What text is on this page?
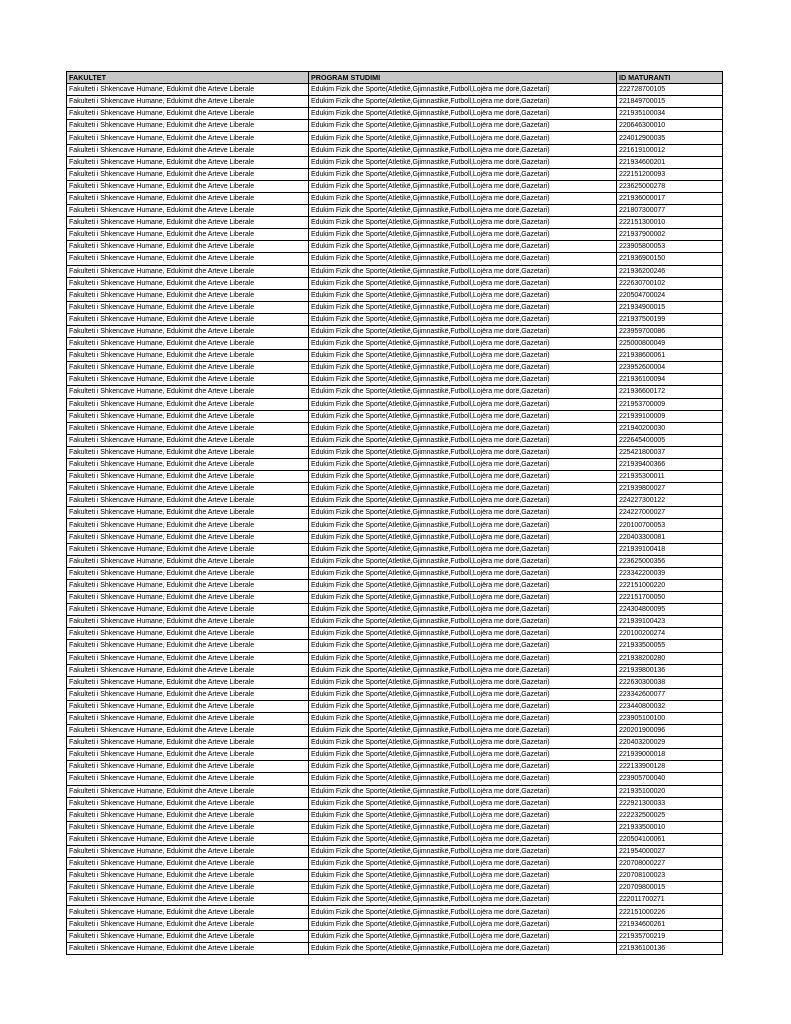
FAKULTET	PROGRAM STUDIMI	ID MATURANTI
Fakulteti i Shkencave Humane, Edukimit dhe Arteve Liberale	Edukim Fizik dhe Sporte(Atletikë,Gjimnastikë,Futboll,Lojëra me dorë,Gazetari)	222728700105
Fakulteti i Shkencave Humane, Edukimit dhe Arteve Liberale	Edukim Fizik dhe Sporte(Atletikë,Gjimnastikë,Futboll,Lojëra me dorë,Gazetari)	221849700015
Fakulteti i Shkencave Humane, Edukimit dhe Arteve Liberale	Edukim Fizik dhe Sporte(Atletikë,Gjimnastikë,Futboll,Lojëra me dorë,Gazetari)	221935100034
Fakulteti i Shkencave Humane, Edukimit dhe Arteve Liberale	Edukim Fizik dhe Sporte(Atletikë,Gjimnastikë,Futboll,Lojëra me dorë,Gazetari)	220646300010
Fakulteti i Shkencave Humane, Edukimit dhe Arteve Liberale	Edukim Fizik dhe Sporte(Atletikë,Gjimnastikë,Futboll,Lojëra me dorë,Gazetari)	224012900035
Fakulteti i Shkencave Humane, Edukimit dhe Arteve Liberale	Edukim Fizik dhe Sporte(Atletikë,Gjimnastikë,Futboll,Lojëra me dorë,Gazetari)	221619100012
Fakulteti i Shkencave Humane, Edukimit dhe Arteve Liberale	Edukim Fizik dhe Sporte(Atletikë,Gjimnastikë,Futboll,Lojëra me dorë,Gazetari)	221934600201
Fakulteti i Shkencave Humane, Edukimit dhe Arteve Liberale	Edukim Fizik dhe Sporte(Atletikë,Gjimnastikë,Futboll,Lojëra me dorë,Gazetari)	222151200093
Fakulteti i Shkencave Humane, Edukimit dhe Arteve Liberale	Edukim Fizik dhe Sporte(Atletikë,Gjimnastikë,Futboll,Lojëra me dorë,Gazetari)	223625000278
Fakulteti i Shkencave Humane, Edukimit dhe Arteve Liberale	Edukim Fizik dhe Sporte(Atletikë,Gjimnastikë,Futboll,Lojëra me dorë,Gazetari)	221936000017
Fakulteti i Shkencave Humane, Edukimit dhe Arteve Liberale	Edukim Fizik dhe Sporte(Atletikë,Gjimnastikë,Futboll,Lojëra me dorë,Gazetari)	221807300077
Fakulteti i Shkencave Humane, Edukimit dhe Arteve Liberale	Edukim Fizik dhe Sporte(Atletikë,Gjimnastikë,Futboll,Lojëra me dorë,Gazetari)	222151300010
Fakulteti i Shkencave Humane, Edukimit dhe Arteve Liberale	Edukim Fizik dhe Sporte(Atletikë,Gjimnastikë,Futboll,Lojëra me dorë,Gazetari)	221937900002
Fakulteti i Shkencave Humane, Edukimit dhe Arteve Liberale	Edukim Fizik dhe Sporte(Atletikë,Gjimnastikë,Futboll,Lojëra me dorë,Gazetari)	223905800053
Fakulteti i Shkencave Humane, Edukimit dhe Arteve Liberale	Edukim Fizik dhe Sporte(Atletikë,Gjimnastikë,Futboll,Lojëra me dorë,Gazetari)	221936900150
Fakulteti i Shkencave Humane, Edukimit dhe Arteve Liberale	Edukim Fizik dhe Sporte(Atletikë,Gjimnastikë,Futboll,Lojëra me dorë,Gazetari)	221936200246
Fakulteti i Shkencave Humane, Edukimit dhe Arteve Liberale	Edukim Fizik dhe Sporte(Atletikë,Gjimnastikë,Futboll,Lojëra me dorë,Gazetari)	222630700102
Fakulteti i Shkencave Humane, Edukimit dhe Arteve Liberale	Edukim Fizik dhe Sporte(Atletikë,Gjimnastikë,Futboll,Lojëra me dorë,Gazetari)	220504700024
Fakulteti i Shkencave Humane, Edukimit dhe Arteve Liberale	Edukim Fizik dhe Sporte(Atletikë,Gjimnastikë,Futboll,Lojëra me dorë,Gazetari)	221934900015
Fakulteti i Shkencave Humane, Edukimit dhe Arteve Liberale	Edukim Fizik dhe Sporte(Atletikë,Gjimnastikë,Futboll,Lojëra me dorë,Gazetari)	221937500199
Fakulteti i Shkencave Humane, Edukimit dhe Arteve Liberale	Edukim Fizik dhe Sporte(Atletikë,Gjimnastikë,Futboll,Lojëra me dorë,Gazetari)	223959700086
Fakulteti i Shkencave Humane, Edukimit dhe Arteve Liberale	Edukim Fizik dhe Sporte(Atletikë,Gjimnastikë,Futboll,Lojëra me dorë,Gazetari)	225000800049
Fakulteti i Shkencave Humane, Edukimit dhe Arteve Liberale	Edukim Fizik dhe Sporte(Atletikë,Gjimnastikë,Futboll,Lojëra me dorë,Gazetari)	221938600061
Fakulteti i Shkencave Humane, Edukimit dhe Arteve Liberale	Edukim Fizik dhe Sporte(Atletikë,Gjimnastikë,Futboll,Lojëra me dorë,Gazetari)	223952600004
Fakulteti i Shkencave Humane, Edukimit dhe Arteve Liberale	Edukim Fizik dhe Sporte(Atletikë,Gjimnastikë,Futboll,Lojëra me dorë,Gazetari)	221936100094
Fakulteti i Shkencave Humane, Edukimit dhe Arteve Liberale	Edukim Fizik dhe Sporte(Atletikë,Gjimnastikë,Futboll,Lojëra me dorë,Gazetari)	221936600172
Fakulteti i Shkencave Humane, Edukimit dhe Arteve Liberale	Edukim Fizik dhe Sporte(Atletikë,Gjimnastikë,Futboll,Lojëra me dorë,Gazetari)	221953700009
Fakulteti i Shkencave Humane, Edukimit dhe Arteve Liberale	Edukim Fizik dhe Sporte(Atletikë,Gjimnastikë,Futboll,Lojëra me dorë,Gazetari)	221939100009
Fakulteti i Shkencave Humane, Edukimit dhe Arteve Liberale	Edukim Fizik dhe Sporte(Atletikë,Gjimnastikë,Futboll,Lojëra me dorë,Gazetari)	221940200030
Fakulteti i Shkencave Humane, Edukimit dhe Arteve Liberale	Edukim Fizik dhe Sporte(Atletikë,Gjimnastikë,Futboll,Lojëra me dorë,Gazetari)	222645400005
Fakulteti i Shkencave Humane, Edukimit dhe Arteve Liberale	Edukim Fizik dhe Sporte(Atletikë,Gjimnastikë,Futboll,Lojëra me dorë,Gazetari)	225421800037
Fakulteti i Shkencave Humane, Edukimit dhe Arteve Liberale	Edukim Fizik dhe Sporte(Atletikë,Gjimnastikë,Futboll,Lojëra me dorë,Gazetari)	221939400366
Fakulteti i Shkencave Humane, Edukimit dhe Arteve Liberale	Edukim Fizik dhe Sporte(Atletikë,Gjimnastikë,Futboll,Lojëra me dorë,Gazetari)	221935300011
Fakulteti i Shkencave Humane, Edukimit dhe Arteve Liberale	Edukim Fizik dhe Sporte(Atletikë,Gjimnastikë,Futboll,Lojëra me dorë,Gazetari)	221939800027
Fakulteti i Shkencave Humane, Edukimit dhe Arteve Liberale	Edukim Fizik dhe Sporte(Atletikë,Gjimnastikë,Futboll,Lojëra me dorë,Gazetari)	224227300122
Fakulteti i Shkencave Humane, Edukimit dhe Arteve Liberale	Edukim Fizik dhe Sporte(Atletikë,Gjimnastikë,Futboll,Lojëra me dorë,Gazetari)	224227000027
Fakulteti i Shkencave Humane, Edukimit dhe Arteve Liberale	Edukim Fizik dhe Sporte(Atletikë,Gjimnastikë,Futboll,Lojëra me dorë,Gazetari)	220100700053
Fakulteti i Shkencave Humane, Edukimit dhe Arteve Liberale	Edukim Fizik dhe Sporte(Atletikë,Gjimnastikë,Futboll,Lojëra me dorë,Gazetari)	220403300081
Fakulteti i Shkencave Humane, Edukimit dhe Arteve Liberale	Edukim Fizik dhe Sporte(Atletikë,Gjimnastikë,Futboll,Lojëra me dorë,Gazetari)	221939100418
Fakulteti i Shkencave Humane, Edukimit dhe Arteve Liberale	Edukim Fizik dhe Sporte(Atletikë,Gjimnastikë,Futboll,Lojëra me dorë,Gazetari)	223625000356
Fakulteti i Shkencave Humane, Edukimit dhe Arteve Liberale	Edukim Fizik dhe Sporte(Atletikë,Gjimnastikë,Futboll,Lojëra me dorë,Gazetari)	223342200039
Fakulteti i Shkencave Humane, Edukimit dhe Arteve Liberale	Edukim Fizik dhe Sporte(Atletikë,Gjimnastikë,Futboll,Lojëra me dorë,Gazetari)	222151000220
Fakulteti i Shkencave Humane, Edukimit dhe Arteve Liberale	Edukim Fizik dhe Sporte(Atletikë,Gjimnastikë,Futboll,Lojëra me dorë,Gazetari)	222151700050
Fakulteti i Shkencave Humane, Edukimit dhe Arteve Liberale	Edukim Fizik dhe Sporte(Atletikë,Gjimnastikë,Futboll,Lojëra me dorë,Gazetari)	224304800095
Fakulteti i Shkencave Humane, Edukimit dhe Arteve Liberale	Edukim Fizik dhe Sporte(Atletikë,Gjimnastikë,Futboll,Lojëra me dorë,Gazetari)	221939100423
Fakulteti i Shkencave Humane, Edukimit dhe Arteve Liberale	Edukim Fizik dhe Sporte(Atletikë,Gjimnastikë,Futboll,Lojëra me dorë,Gazetari)	220100200274
Fakulteti i Shkencave Humane, Edukimit dhe Arteve Liberale	Edukim Fizik dhe Sporte(Atletikë,Gjimnastikë,Futboll,Lojëra me dorë,Gazetari)	221933500055
Fakulteti i Shkencave Humane, Edukimit dhe Arteve Liberale	Edukim Fizik dhe Sporte(Atletikë,Gjimnastikë,Futboll,Lojëra me dorë,Gazetari)	221938200280
Fakulteti i Shkencave Humane, Edukimit dhe Arteve Liberale	Edukim Fizik dhe Sporte(Atletikë,Gjimnastikë,Futboll,Lojëra me dorë,Gazetari)	221939800136
Fakulteti i Shkencave Humane, Edukimit dhe Arteve Liberale	Edukim Fizik dhe Sporte(Atletikë,Gjimnastikë,Futboll,Lojëra me dorë,Gazetari)	222630300038
Fakulteti i Shkencave Humane, Edukimit dhe Arteve Liberale	Edukim Fizik dhe Sporte(Atletikë,Gjimnastikë,Futboll,Lojëra me dorë,Gazetari)	223342600077
Fakulteti i Shkencave Humane, Edukimit dhe Arteve Liberale	Edukim Fizik dhe Sporte(Atletikë,Gjimnastikë,Futboll,Lojëra me dorë,Gazetari)	223440800032
Fakulteti i Shkencave Humane, Edukimit dhe Arteve Liberale	Edukim Fizik dhe Sporte(Atletikë,Gjimnastikë,Futboll,Lojëra me dorë,Gazetari)	223905100100
Fakulteti i Shkencave Humane, Edukimit dhe Arteve Liberale	Edukim Fizik dhe Sporte(Atletikë,Gjimnastikë,Futboll,Lojëra me dorë,Gazetari)	220201900096
Fakulteti i Shkencave Humane, Edukimit dhe Arteve Liberale	Edukim Fizik dhe Sporte(Atletikë,Gjimnastikë,Futboll,Lojëra me dorë,Gazetari)	220403200029
Fakulteti i Shkencave Humane, Edukimit dhe Arteve Liberale	Edukim Fizik dhe Sporte(Atletikë,Gjimnastikë,Futboll,Lojëra me dorë,Gazetari)	221939000018
Fakulteti i Shkencave Humane, Edukimit dhe Arteve Liberale	Edukim Fizik dhe Sporte(Atletikë,Gjimnastikë,Futboll,Lojëra me dorë,Gazetari)	222133900128
Fakulteti i Shkencave Humane, Edukimit dhe Arteve Liberale	Edukim Fizik dhe Sporte(Atletikë,Gjimnastikë,Futboll,Lojëra me dorë,Gazetari)	223905700040
Fakulteti i Shkencave Humane, Edukimit dhe Arteve Liberale	Edukim Fizik dhe Sporte(Atletikë,Gjimnastikë,Futboll,Lojëra me dorë,Gazetari)	221935100020
Fakulteti i Shkencave Humane, Edukimit dhe Arteve Liberale	Edukim Fizik dhe Sporte(Atletikë,Gjimnastikë,Futboll,Lojëra me dorë,Gazetari)	222921300033
Fakulteti i Shkencave Humane, Edukimit dhe Arteve Liberale	Edukim Fizik dhe Sporte(Atletikë,Gjimnastikë,Futboll,Lojëra me dorë,Gazetari)	222232500025
Fakulteti i Shkencave Humane, Edukimit dhe Arteve Liberale	Edukim Fizik dhe Sporte(Atletikë,Gjimnastikë,Futboll,Lojëra me dorë,Gazetari)	221933500010
Fakulteti i Shkencave Humane, Edukimit dhe Arteve Liberale	Edukim Fizik dhe Sporte(Atletikë,Gjimnastikë,Futboll,Lojëra me dorë,Gazetari)	220504100061
Fakulteti i Shkencave Humane, Edukimit dhe Arteve Liberale	Edukim Fizik dhe Sporte(Atletikë,Gjimnastikë,Futboll,Lojëra me dorë,Gazetari)	221954000027
Fakulteti i Shkencave Humane, Edukimit dhe Arteve Liberale	Edukim Fizik dhe Sporte(Atletikë,Gjimnastikë,Futboll,Lojëra me dorë,Gazetari)	220708000227
Fakulteti i Shkencave Humane, Edukimit dhe Arteve Liberale	Edukim Fizik dhe Sporte(Atletikë,Gjimnastikë,Futboll,Lojëra me dorë,Gazetari)	220708100023
Fakulteti i Shkencave Humane, Edukimit dhe Arteve Liberale	Edukim Fizik dhe Sporte(Atletikë,Gjimnastikë,Futboll,Lojëra me dorë,Gazetari)	220709800015
Fakulteti i Shkencave Humane, Edukimit dhe Arteve Liberale	Edukim Fizik dhe Sporte(Atletikë,Gjimnastikë,Futboll,Lojëra me dorë,Gazetari)	222011700271
Fakulteti i Shkencave Humane, Edukimit dhe Arteve Liberale	Edukim Fizik dhe Sporte(Atletikë,Gjimnastikë,Futboll,Lojëra me dorë,Gazetari)	222151000226
Fakulteti i Shkencave Humane, Edukimit dhe Arteve Liberale	Edukim Fizik dhe Sporte(Atletikë,Gjimnastikë,Futboll,Lojëra me dorë,Gazetari)	221934600261
Fakulteti i Shkencave Humane, Edukimit dhe Arteve Liberale	Edukim Fizik dhe Sporte(Atletikë,Gjimnastikë,Futboll,Lojëra me dorë,Gazetari)	221935700219
Fakulteti i Shkencave Humane, Edukimit dhe Arteve Liberale	Edukim Fizik dhe Sporte(Atletikë,Gjimnastikë,Futboll,Lojëra me dorë,Gazetari)	221936100136
